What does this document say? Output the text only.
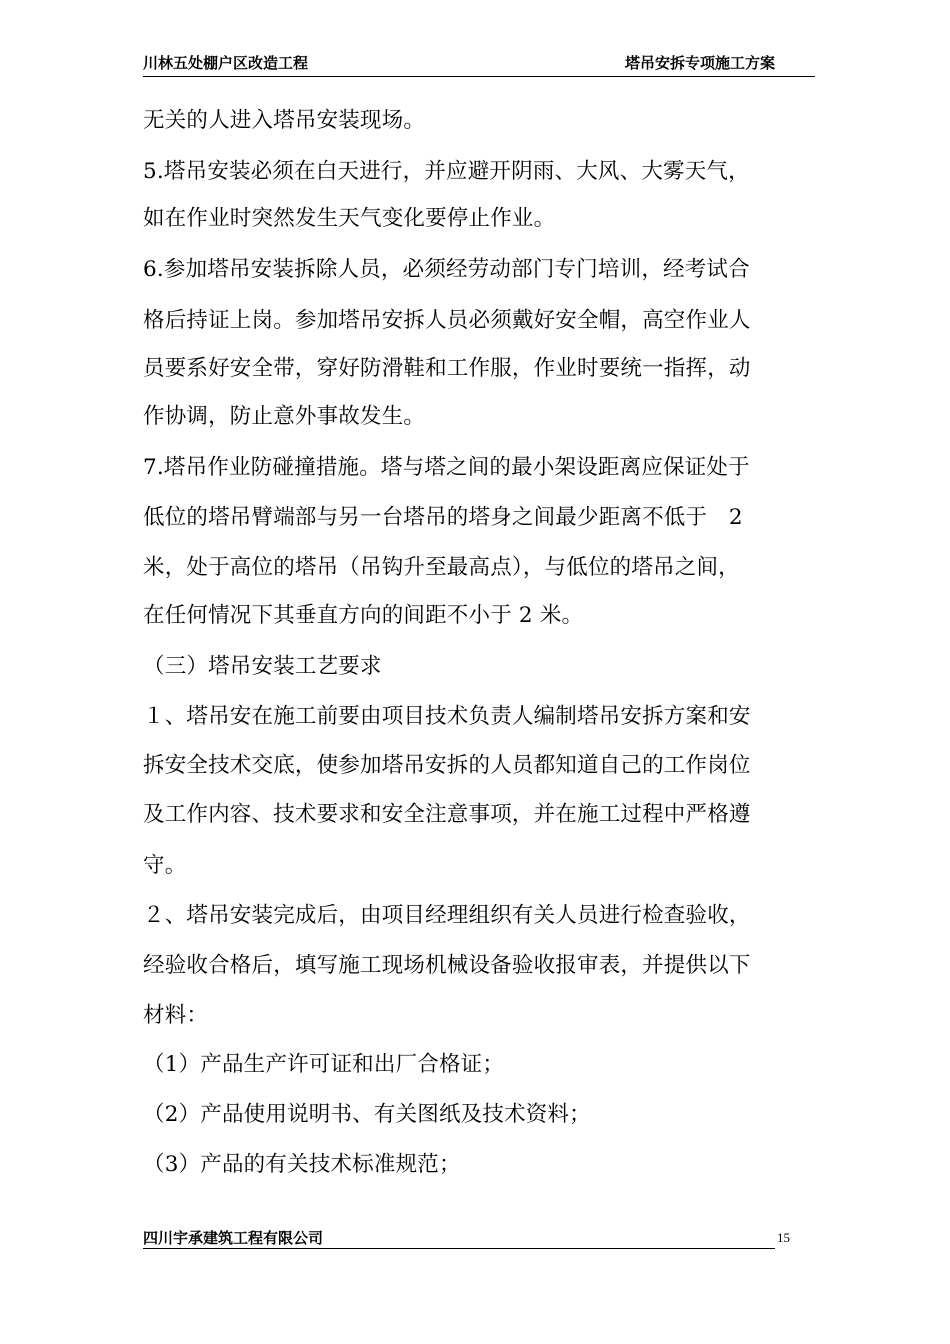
川林五处棚户区改造工程	塔吊安拆专项施工方案
无关的人进入塔吊安装现场。
5.塔吊安装必须在白天进行，并应避开阴雨、大风、大雾天气，
如在作业时突然发生天气变化要停止作业。
6.参加塔吊安装拆除人员，必须经劳动部门专门培训，经考试合
格后持证上岗。参加塔吊安拆人员必须戴好安全帽，高空作业人
员要系好安全带，穿好防滑鞋和工作服，作业时要统一指挥，动
作协调，防止意外事故发生。
7.塔吊作业防碰撞措施。塔与塔之间的最小架设距离应保证处于
低位的塔吊臂端部与另一台塔吊的塔身之间最少距离不低于　2
米，处于高位的塔吊（吊钩升至最高点），与低位的塔吊之间，
在任何情况下其垂直方向的间距不小于 2 米。
（三）塔吊安装工艺要求
１、塔吊安在施工前要由项目技术负责人编制塔吊安拆方案和安
拆安全技术交底，使参加塔吊安拆的人员都知道自己的工作岗位
及工作内容、技术要求和安全注意事项，并在施工过程中严格遵
守。
２、塔吊安装完成后，由项目经理组织有关人员进行检查验收，
经验收合格后，填写施工现场机械设备验收报审表，并提供以下
材料：
（1）产品生产许可证和出厂合格证；
（2）产品使用说明书、有关图纸及技术资料；
（3）产品的有关技术标准规范；
四川宇承建筑工程有限公司	15
